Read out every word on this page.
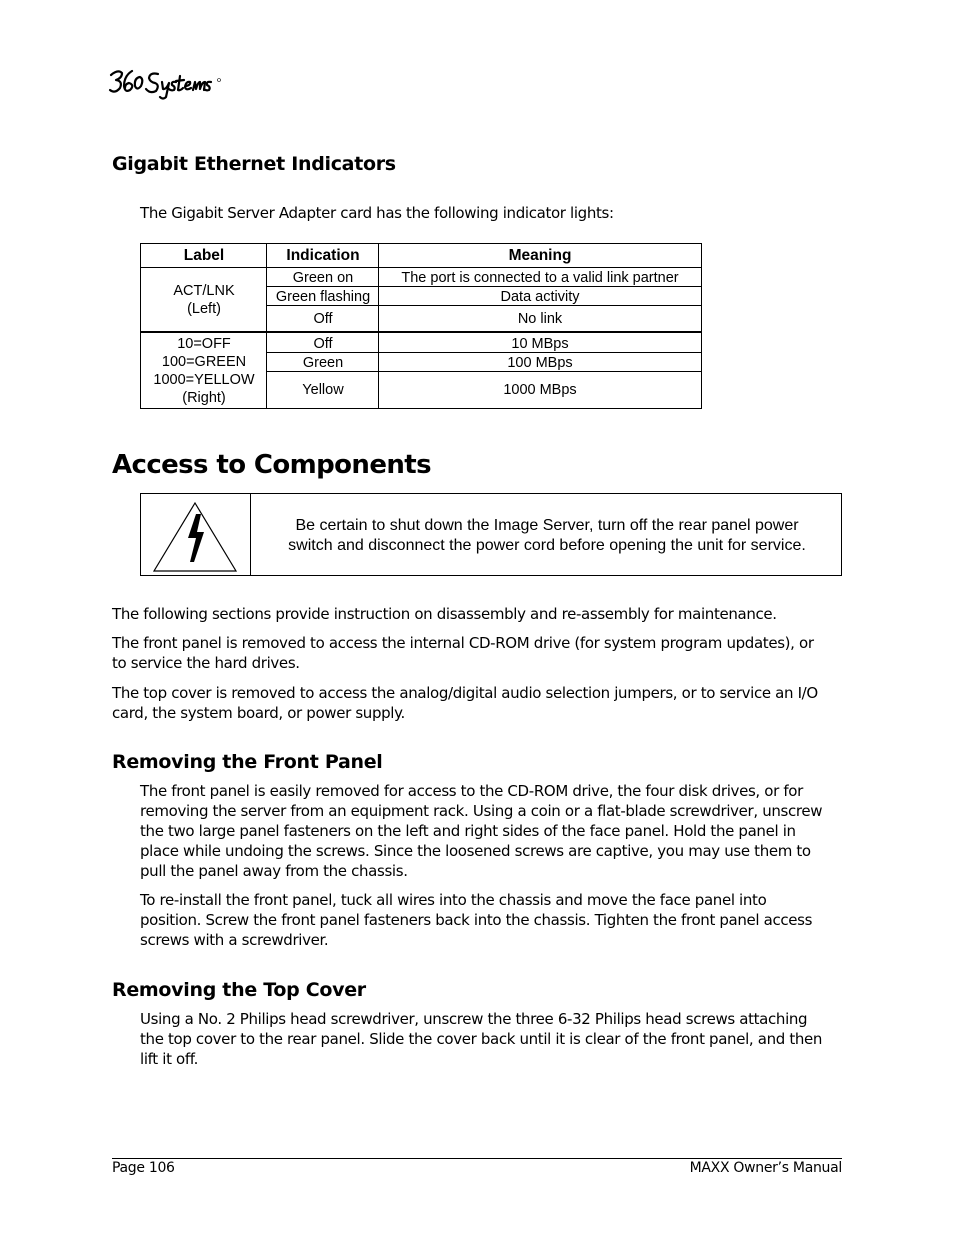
Gigabit Ethernet Indicators
The Gigabit Server Adapter card has the following indicator lights:
Label	Indication	Meaning
ACT/LNK
(Left)
Green on	The port is connected to a valid link partner
Green flashing	Data activity
Off	No link
10=OFF
100=GREEN
1000=YELLOW
(Right)
Off	10 MBps
Green	100 MBps
Yellow	1000 MBps
Access to Components
Be certain to shut down the Image Server, turn off the rear panel power
switch and disconnect the power cord before opening the unit for service.
The following sections provide instruction on disassembly and re-assembly for maintenance.
The front panel is removed to access the internal CD-ROM drive (for system program updates), or
to service the hard drives.
The top cover is removed to access the analog/digital audio selection jumpers, or to service an I/O
card, the system board, or power supply.
Removing the Front Panel
The front panel is easily removed for access to the CD-ROM drive, the four disk drives, or for
removing the server from an equipment rack. Using a coin or a flat-blade screwdriver, unscrew
the two large panel fasteners on the left and right sides of the face panel. Hold the panel in
place while undoing the screws. Since the loosened screws are captive, you may use them to
pull the panel away from the chassis.
To re-install the front panel, tuck all wires into the chassis and move the face panel into
position. Screw the front panel fasteners back into the chassis. Tighten the front panel access
screws with a screwdriver.
Removing the Top Cover
Using a No. 2 Philips head screwdriver, unscrew the three 6-32 Philips head screws attaching
the top cover to the rear panel. Slide the cover back until it is clear of the front panel, and then
lift it off.
Page 106	MAXX Owner’s Manual
